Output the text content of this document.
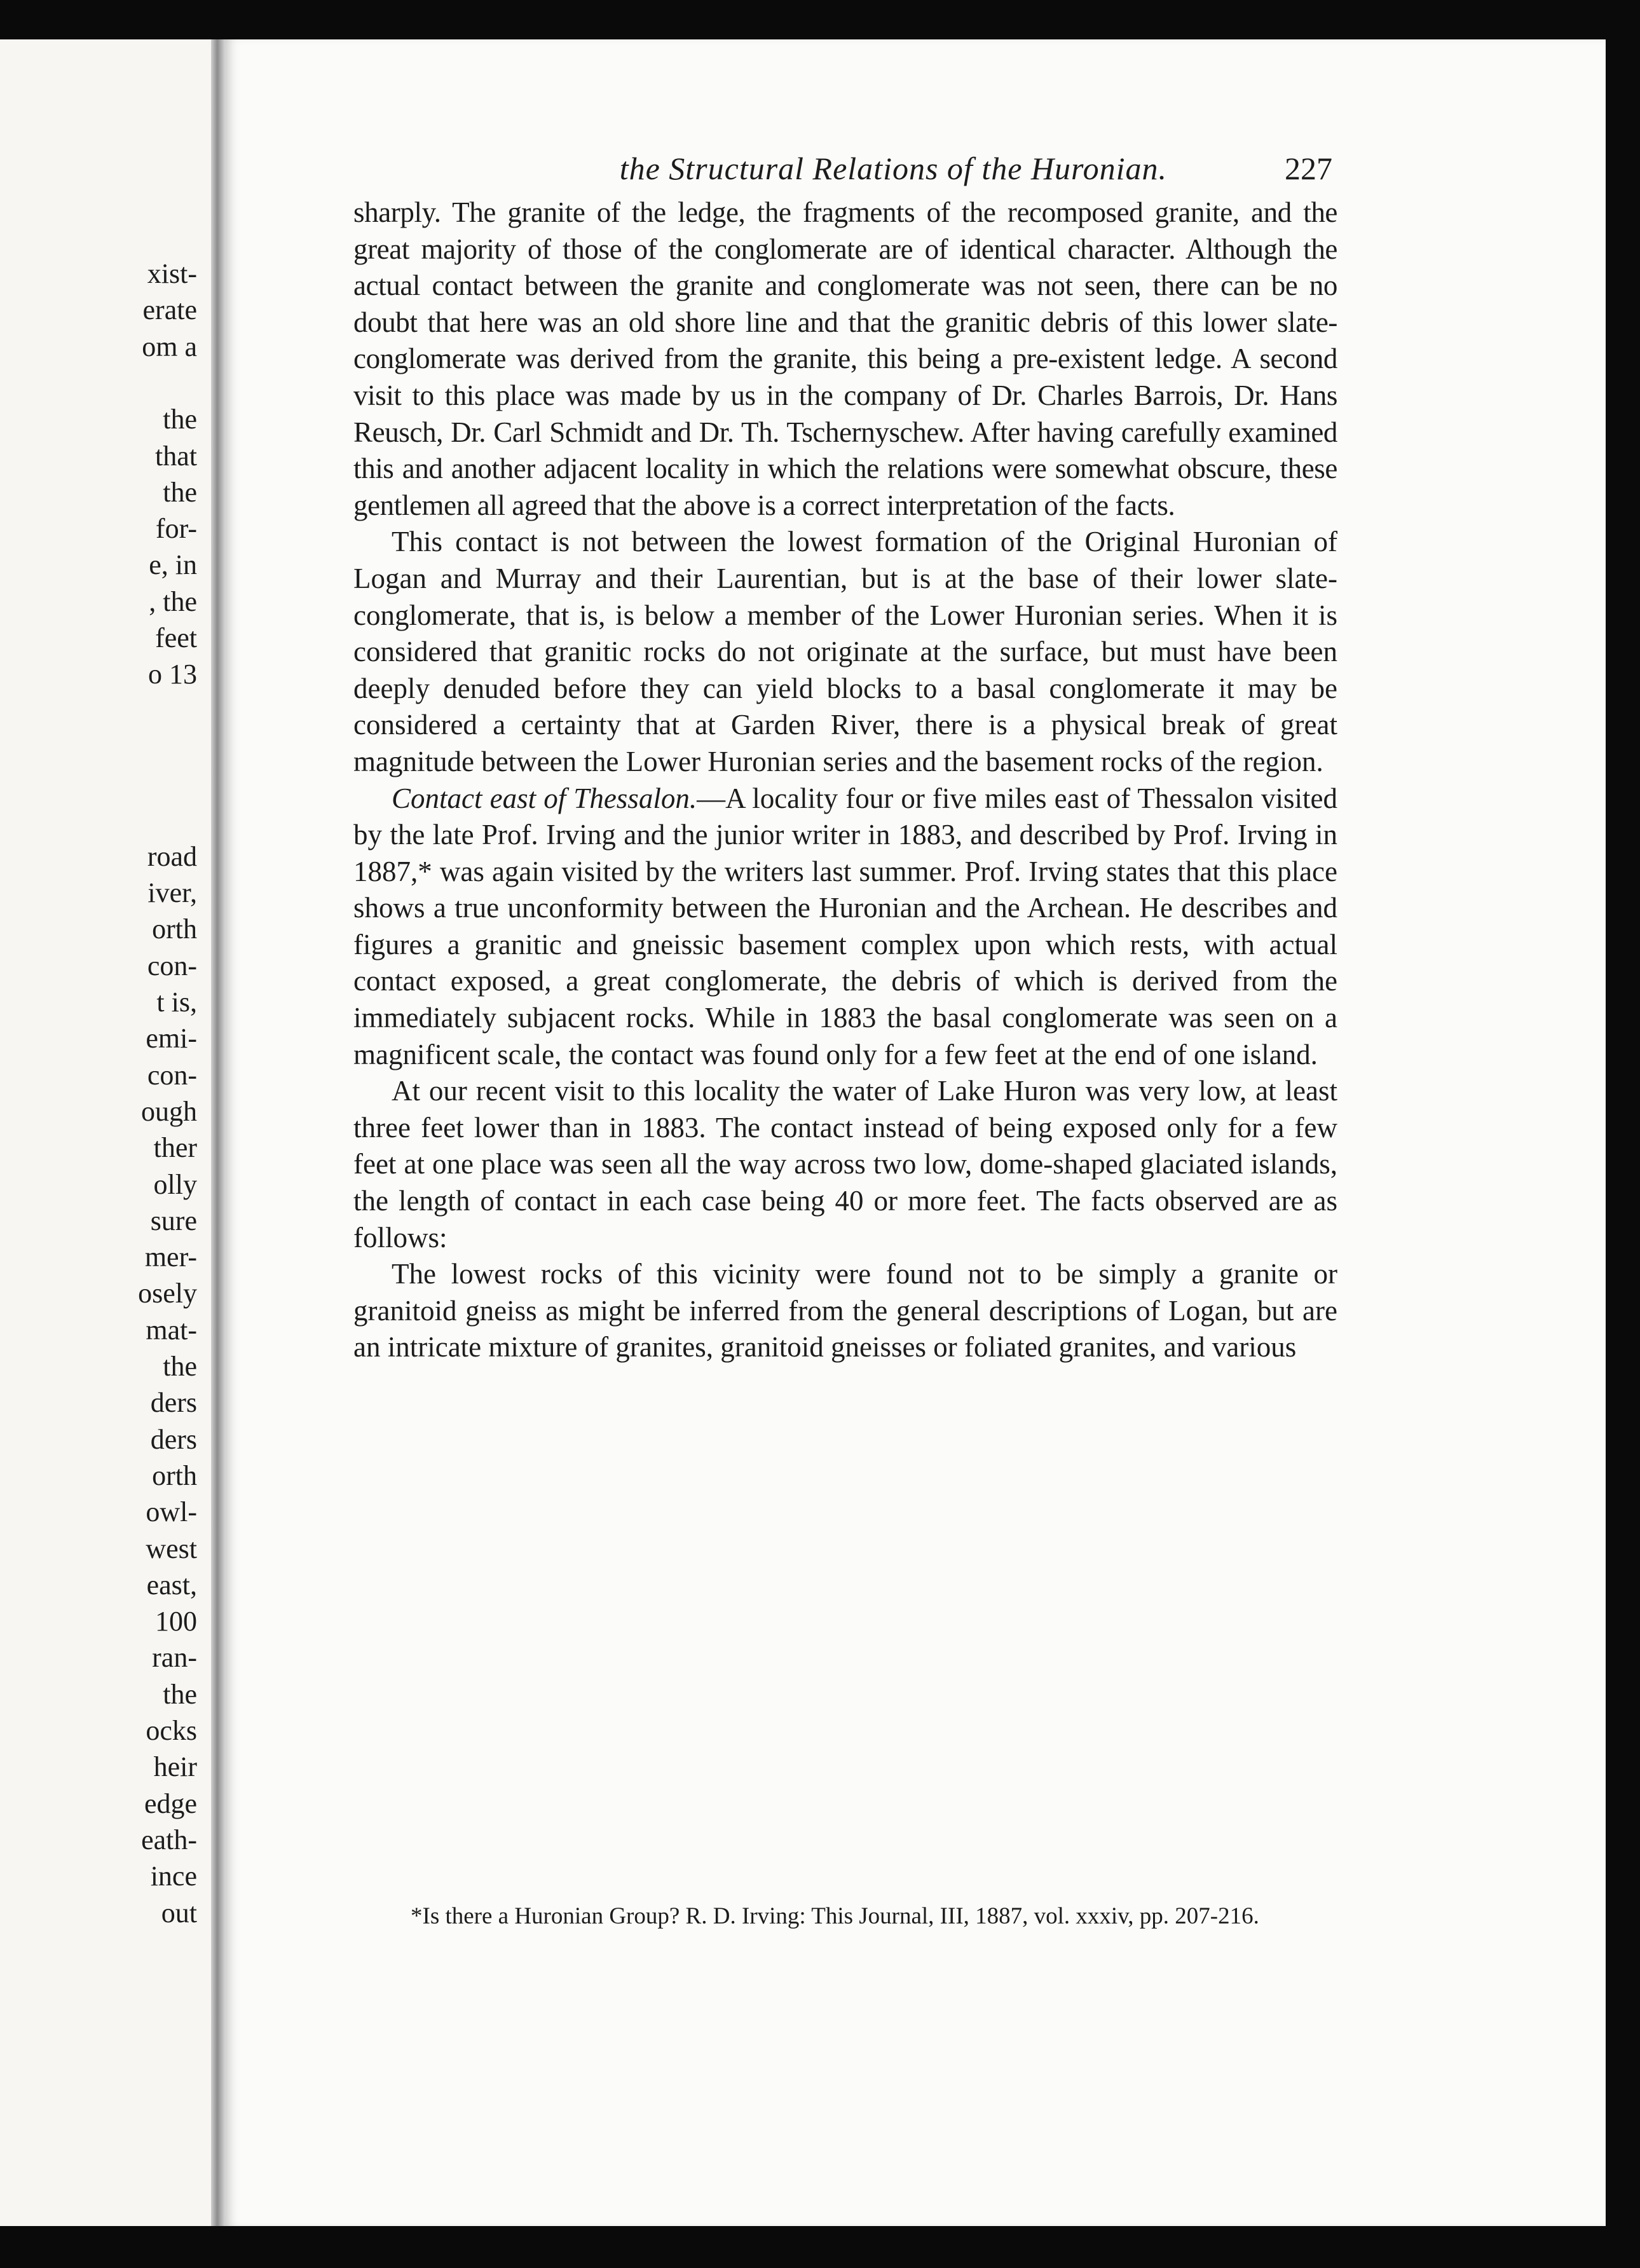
xist-
erate
om a
the
that
the
for-
e, in
, the
feet
o 13
road
iver,
orth
con-
t is,
emi-
con-
ough
ther
olly
sure
mer-
osely
mat-
the
ders
ders
orth
owl-
west
east,
100
ran-
the
ocks
heir
edge
eath-
ince
out
the Structural Relations of the Huronian.	227

sharply. The granite of the ledge, the fragments of the recomposed granite, and the great majority of those of the conglomerate are of identical character. Although the actual contact between the granite and conglomerate was not seen, there can be no doubt that here was an old shore line and that the granitic debris of this lower slate-conglomerate was derived from the granite, this being a pre-existent ledge. A second visit to this place was made by us in the company of Dr. Charles Barrois, Dr. Hans Reusch, Dr. Carl Schmidt and Dr. Th. Tschernyschew. After having carefully examined this and another adjacent locality in which the relations were somewhat obscure, these gentlemen all agreed that the above is a correct interpretation of the facts.

This contact is not between the lowest formation of the Original Huronian of Logan and Murray and their Laurentian, but is at the base of their lower slate-conglomerate, that is, is below a member of the Lower Huronian series. When it is considered that granitic rocks do not originate at the surface, but must have been deeply denuded before they can yield blocks to a basal conglomerate it may be considered a certainty that at Garden River, there is a physical break of great magnitude between the Lower Huronian series and the basement rocks of the region.

Contact east of Thessalon.—A locality four or five miles east of Thessalon visited by the late Prof. Irving and the junior writer in 1883, and described by Prof. Irving in 1887,* was again visited by the writers last summer. Prof. Irving states that this place shows a true unconformity between the Huronian and the Archean. He describes and figures a granitic and gneissic basement complex upon which rests, with actual contact exposed, a great conglomerate, the debris of which is derived from the immediately subjacent rocks. While in 1883 the basal conglomerate was seen on a magnificent scale, the contact was found only for a few feet at the end of one island.

At our recent visit to this locality the water of Lake Huron was very low, at least three feet lower than in 1883. The contact instead of being exposed only for a few feet at one place was seen all the way across two low, dome-shaped glaciated islands, the length of contact in each case being 40 or more feet. The facts observed are as follows:

The lowest rocks of this vicinity were found not to be simply a granite or granitoid gneiss as might be inferred from the general descriptions of Logan, but are an intricate mixture of granites, granitoid gneisses or foliated granites, and various

*Is there a Huronian Group? R. D. Irving: This Journal, III, 1887, vol. xxxiv, pp. 207-216.
